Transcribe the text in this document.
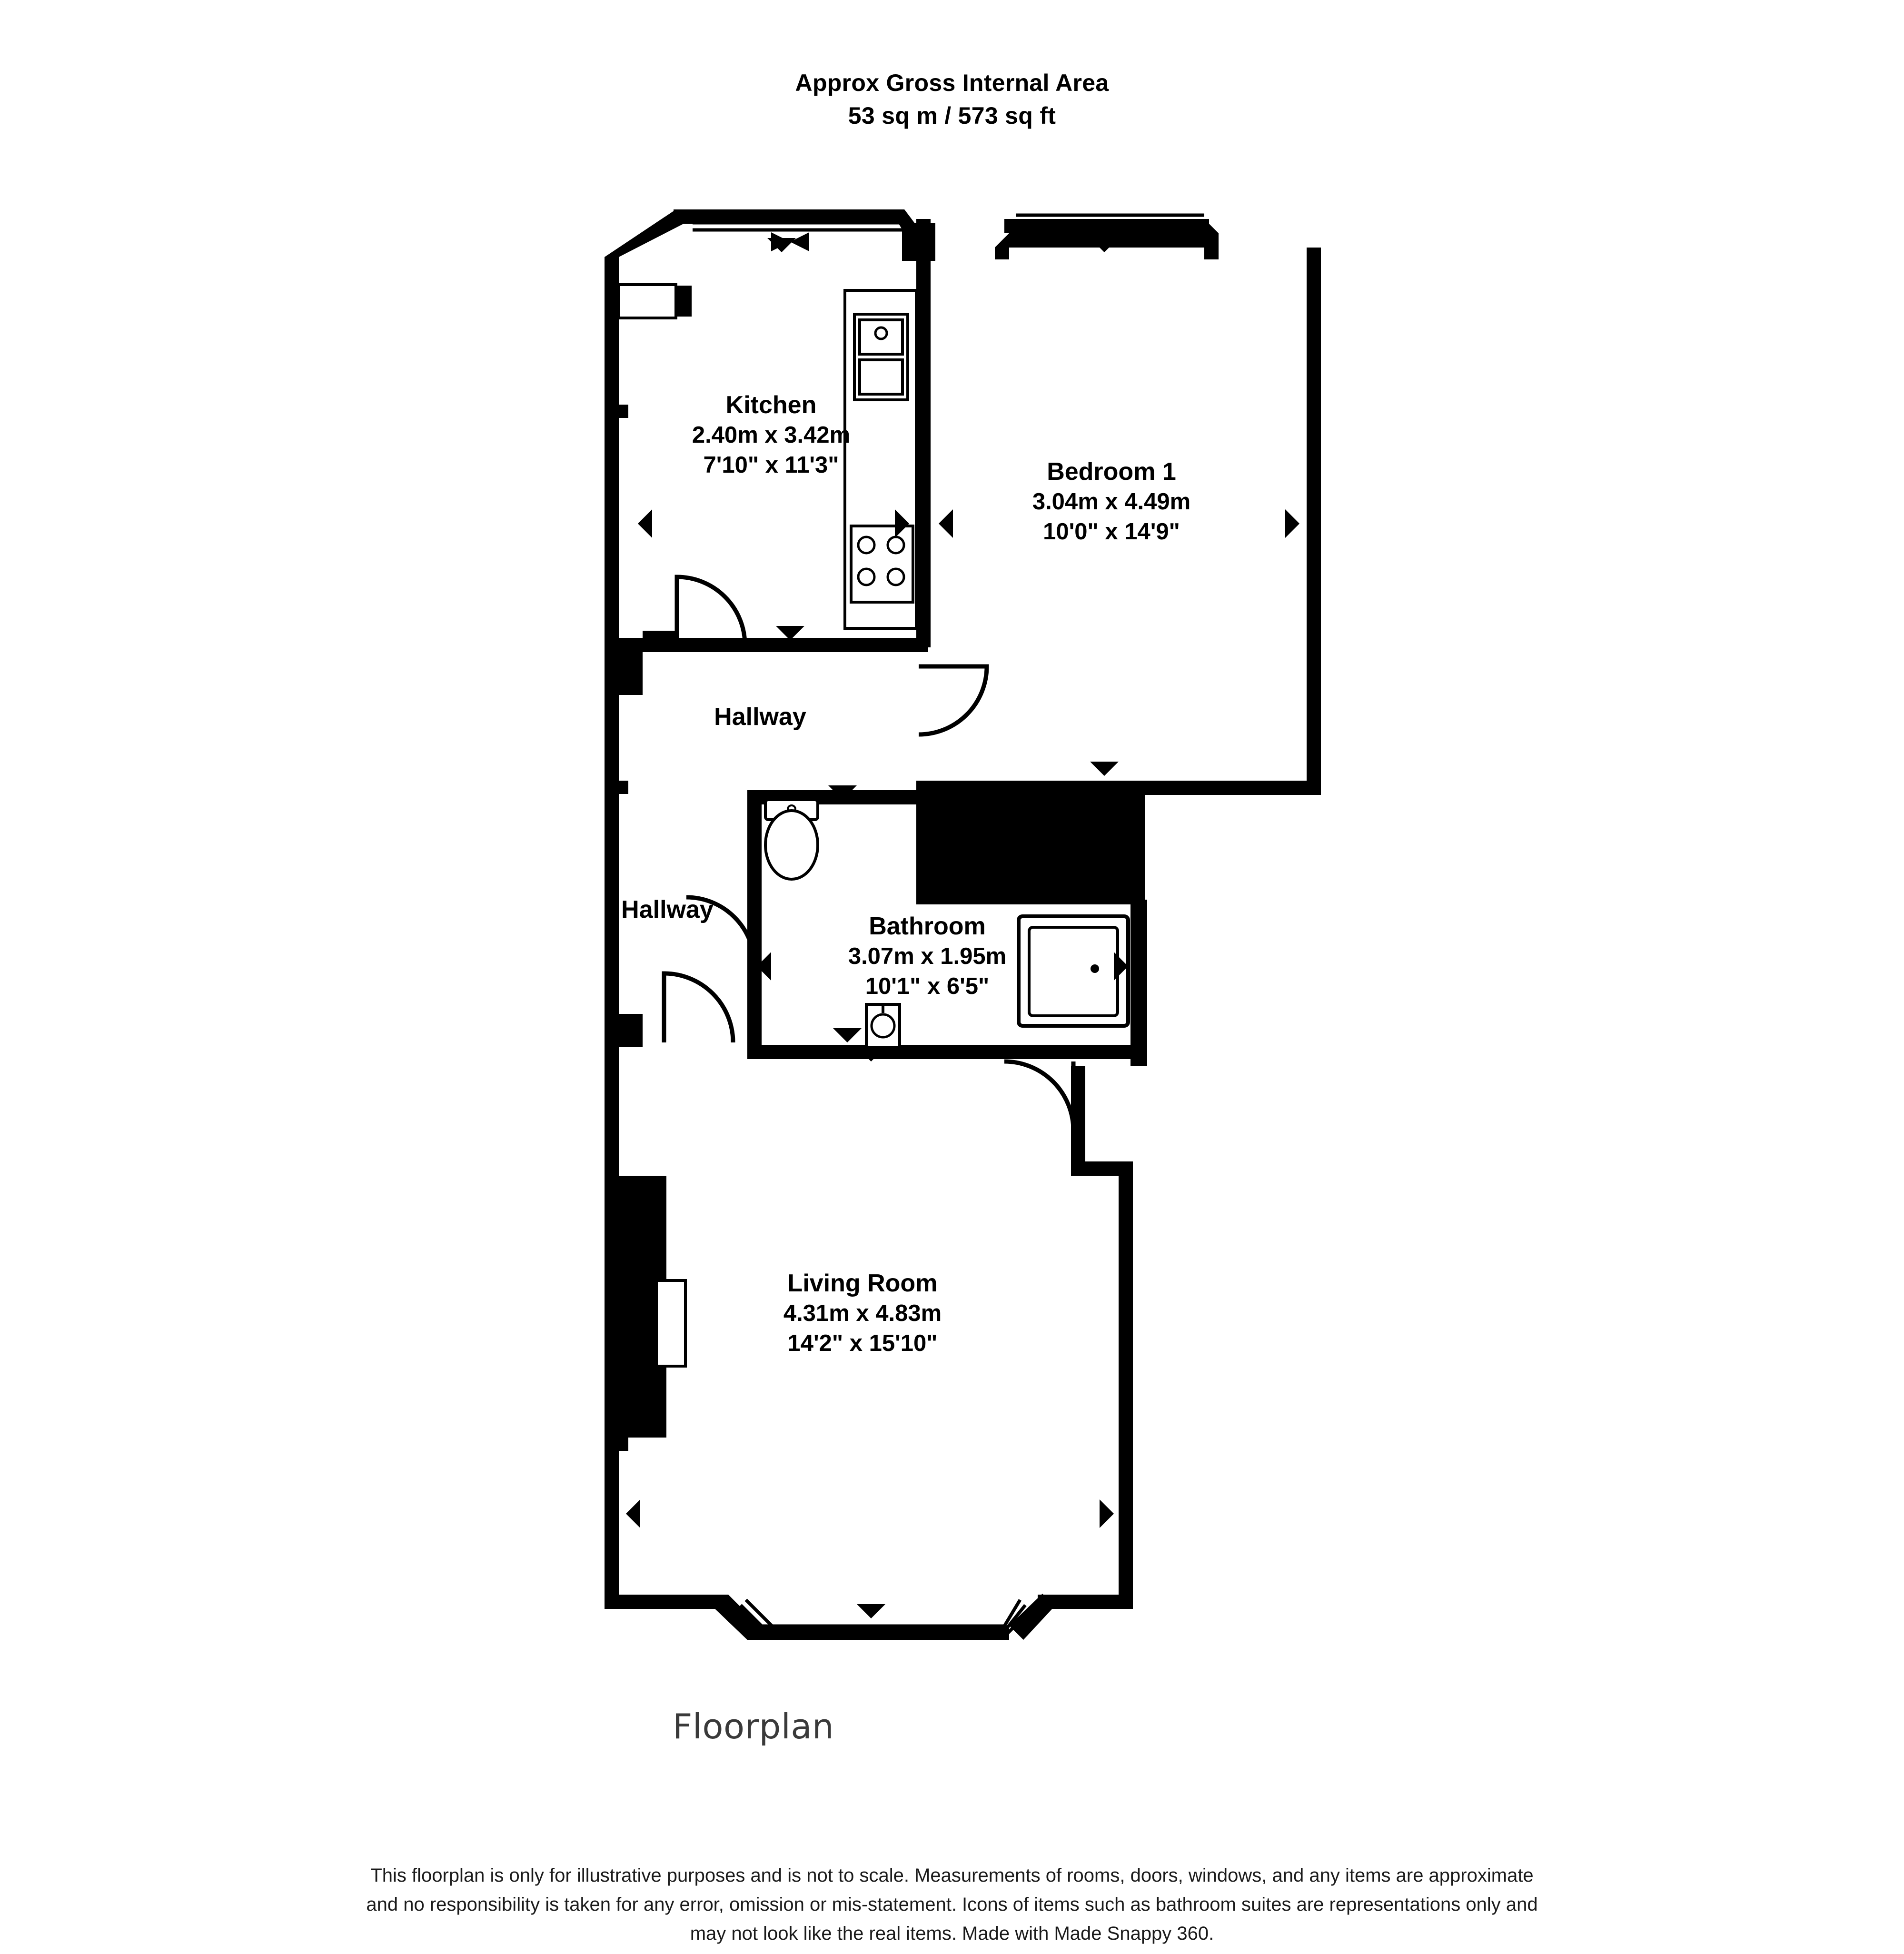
Approx Gross Internal Area
53 sq m / 573 sq ft
Kitchen
2.40m x 3.42m
7'10" x 11'3"	Bedroom 1
3.04m x 4.49m
10'0" x 14'9"
Hallway
Hallway
Bathroom
3.07m x 1.95m
10'1" x 6'5"
Living Room
4.31m x 4.83m
14'2" x 15'10"
Floorplan
This floorplan is only for illustrative purposes and is not to scale. Measurements of rooms, doors, windows, and any items are approximate
and no responsibility is taken for any error, omission or mis-statement. Icons of items such as bathroom suites are representations only and
may not look like the real items. Made with Made Snappy 360.
